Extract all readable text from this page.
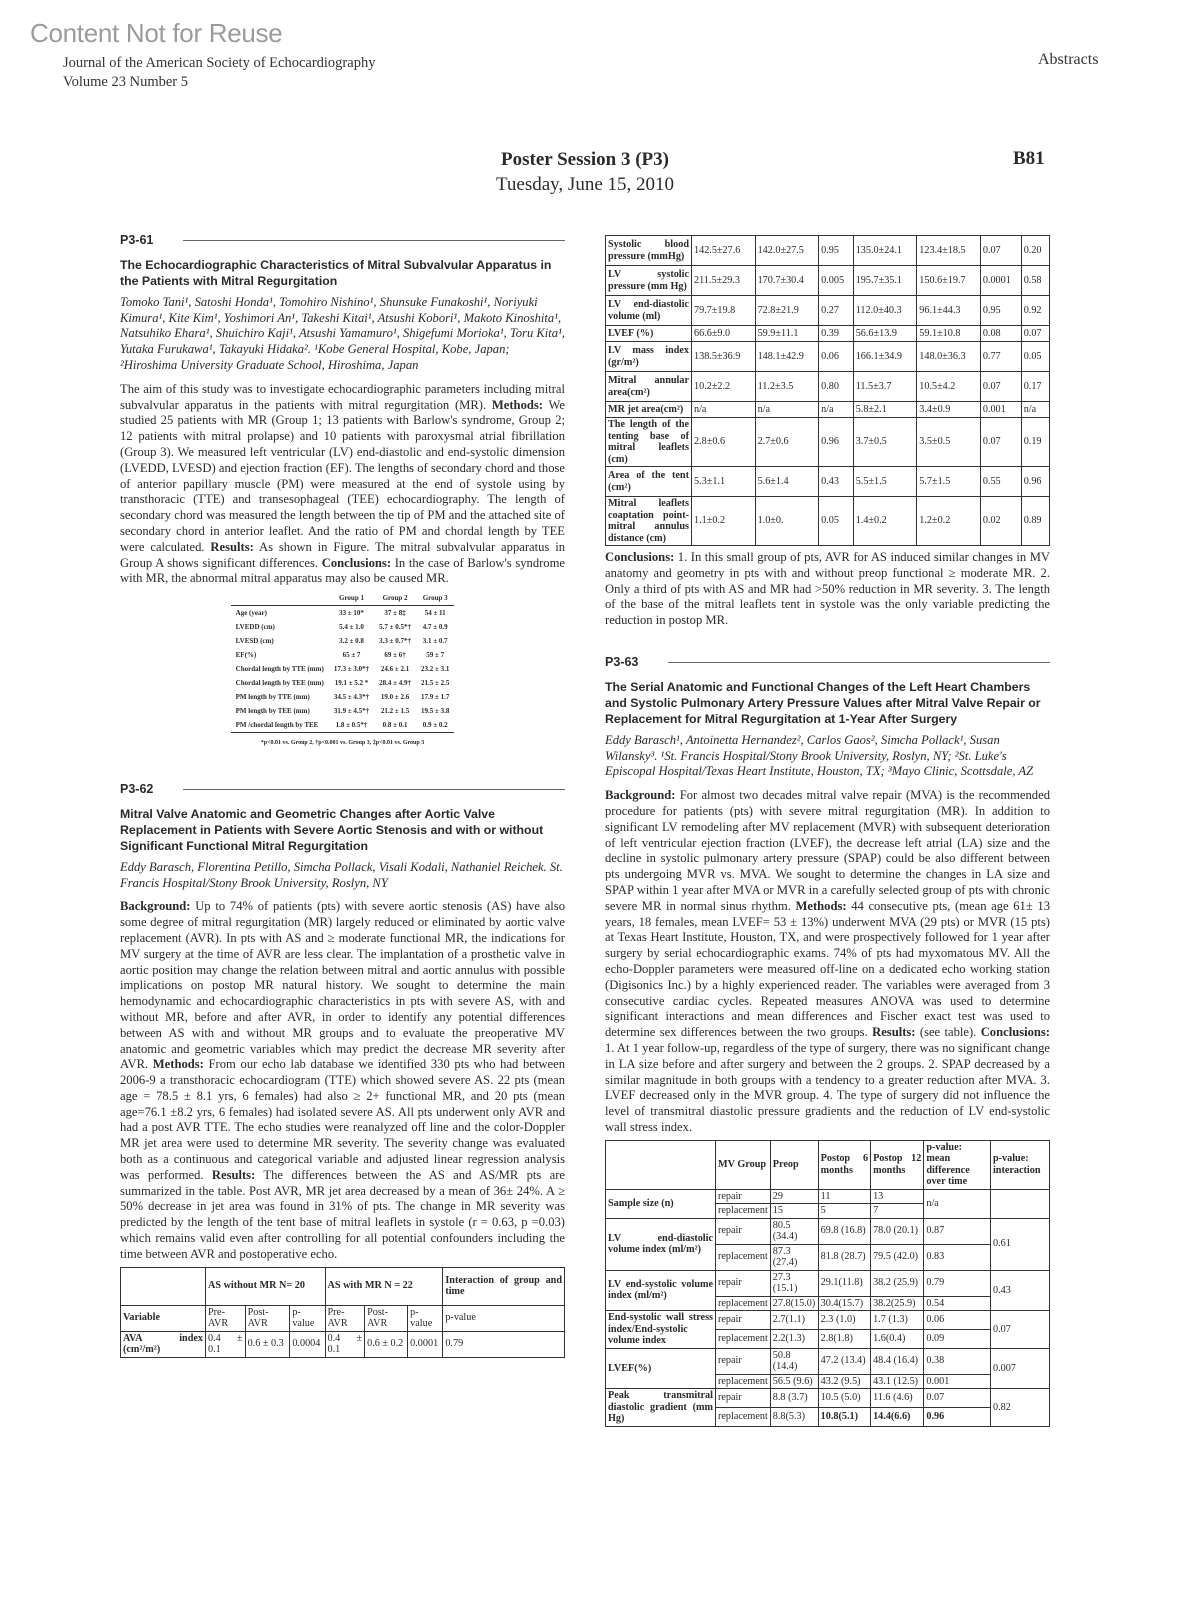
Content Not for Reuse
Journal of the American Society of Echocardiography
Volume 23 Number 5
Abstracts
Poster Session 3 (P3)
Tuesday, June 15, 2010
B81
P3-61
The Echocardiographic Characteristics of Mitral Subvalvular Apparatus in the Patients with Mitral Regurgitation
Tomoko Tani¹, Satoshi Honda¹, Tomohiro Nishino¹, Shunsuke Funakoshi¹, Noriyuki Kimura¹, Kite Kim¹, Yoshimori An¹, Takeshi Kitai¹, Atsushi Kobori¹, Makoto Kinoshita¹, Natsuhiko Ehara¹, Shuichiro Kaji¹, Atsushi Yamamuro¹, Shigefumi Morioka¹, Toru Kita¹, Yutaka Furukawa¹, Takayuki Hidaka². ¹Kobe General Hospital, Kobe, Japan; ²Hiroshima University Graduate School, Hiroshima, Japan
The aim of this study was to investigate echocardiographic parameters including mitral subvalvular apparatus in the patients with mitral regurgitation (MR). Methods: We studied 25 patients with MR (Group 1; 13 patients with Barlow's syndrome, Group 2; 12 patients with mitral prolapse) and 10 patients with paroxysmal atrial fibrillation (Group 3). We measured left ventricular (LV) end-diastolic and end-systolic dimension (LVEDD, LVESD) and ejection fraction (EF). The lengths of secondary chord and those of anterior papillary muscle (PM) were measured at the end of systole using by transthoracic (TTE) and transesophageal (TEE) echocardiography. The length of secondary chord was measured the length between the tip of PM and the attached site of secondary chord in anterior leaflet. And the ratio of PM and chordal length by TEE were calculated. Results: As shown in Figure. The mitral subvalvular apparatus in Group A shows significant differences. Conclusions: In the case of Barlow's syndrome with MR, the abnormal mitral apparatus may also be caused MR.
	Group 1	Group 2	Group 3
Age (year)	33 ± 10*	37 ± 8‡	54 ± 11
LVEDD (cm)	5.4 ± 1.0	5.7 ± 0.5*†	4.7 ± 0.9
LVESD (cm)	3.2 ± 0.8	3.3 ± 0.7*†	3.1 ± 0.7
EF(%)	65 ± 7	69 ± 6†	59 ± 7
Chordal length by TTE (mm)	17.3 ± 3.0*†	24.6 ± 2.1	23.2 ± 3.1
Chordal length by TEE (mm)	19.1 ± 5.2 *	28.4 ± 4.9†	21.5 ± 2.5
PM length by TTE (mm)	34.5 ± 4.3*†	19.0 ± 2.6	17.9 ± 1.7
PM length by TEE (mm)	31.9 ± 4.5*†	21.2 ± 1.5	19.5 ± 3.8
PM /chordal length by TEE	1.8 ± 0.5*†	0.8 ± 0.1	0.9 ± 0.2
*p<0.01 vs. Group 2, †p<0.001 vs. Group 3, ‡p<0.01 vs. Group 3
P3-62
Mitral Valve Anatomic and Geometric Changes after Aortic Valve Replacement in Patients with Severe Aortic Stenosis and with or without Significant Functional Mitral Regurgitation
Eddy Barasch, Florentina Petillo, Simcha Pollack, Visali Kodali, Nathaniel Reichek. St. Francis Hospital/Stony Brook University, Roslyn, NY
Background: Up to 74% of patients (pts) with severe aortic stenosis (AS) have also some degree of mitral regurgitation (MR) largely reduced or eliminated by aortic valve replacement (AVR). In pts with AS and ≥ moderate functional MR, the indications for MV surgery at the time of AVR are less clear. The implantation of a prosthetic valve in aortic position may change the relation between mitral and aortic annulus with possible implications on postop MR natural history. We sought to determine the main hemodynamic and echocardiographic characteristics in pts with severe AS, with and without MR, before and after AVR, in order to identify any potential differences between AS with and without MR groups and to evaluate the preoperative MV anatomic and geometric variables which may predict the decrease MR severity after AVR. Methods: From our echo lab database we identified 330 pts who had between 2006-9 a transthoracic echocardiogram (TTE) which showed severe AS. 22 pts (mean age = 78.5 ± 8.1 yrs, 6 females) had also ≥ 2+ functional MR, and 20 pts (mean age=76.1 ±8.2 yrs, 6 females) had isolated severe AS. All pts underwent only AVR and had a post AVR TTE. The echo studies were reanalyzed off line and the color-Doppler MR jet area were used to determine MR severity. The severity change was evaluated both as a continuous and categorical variable and adjusted linear regression analysis was performed. Results: The differences between the AS and AS/MR pts are summarized in the table. Post AVR, MR jet area decreased by a mean of 36± 24%. A ≥ 50% decrease in jet area was found in 31% of pts. The change in MR severity was predicted by the length of the tent base of mitral leaflets in systole (r = 0.63, p =0.03) which remains valid even after controlling for all potential confounders including the time between AVR and postoperative echo.
	AS without MR N= 20			AS with MR N = 22			Interaction of group and time
Variable	Pre-AVR	Post- AVR	p-value	Pre-AVR	Post-AVR	p-value	p-value
AVA index (cm²/m²)	0.4 ± 0.1	0.6 ± 0.3	0.0004	0.4 ± 0.1	0.6 ± 0.2	0.0001	0.79
Systolic blood pressure (mmHg)	142.5±27.6	142.0±27.5	0.95	135.0±24.1	123.4±18.5	0.07	0.20
LV systolic pressure (mm Hg)	211.5±29.3	170.7±30.4	0.005	195.7±35.1	150.6±19.7	0.0001	0.58
LV end-diastolic volume (ml)	79.7±19.8	72.8±21.9	0.27	112.0±40.3	96.1±44.3	0.95	0.92
LVEF (%)	66.6±9.0	59.9±11.1	0.39	56.6±13.9	59.1±10.8	0.08	0.07
LV mass index (gr/m²)	138.5±36.9	148.1±42.9	0.06	166.1±34.9	148.0±36.3	0.77	0.05
Mitral annular area(cm²)	10.2±2.2	11.2±3.5	0.80	11.5±3.7	10.5±4.2	0.07	0.17
MR jet area(cm²)	n/a	n/a	n/a	5.8±2.1	3.4±0.9	0.001	n/a
The length of the tenting base of mitral leaflets (cm)	2.8±0.6	2.7±0.6	0.96	3.7±0.5	3.5±0.5	0.07	0.19
Area of the tent (cm²)	5.3±1.1	5.6±1.4	0.43	5.5±1.5	5.7±1.5	0.55	0.96
Mitral leaflets coaptation point-mitral annulus distance (cm)	1.1±0.2	1.0±0.	0.05	1.4±0.2	1.2±0.2	0.02	0.89
Conclusions: 1. In this small group of pts, AVR for AS induced similar changes in MV anatomy and geometry in pts with and without preop functional ≥ moderate MR. 2. Only a third of pts with AS and MR had >50% reduction in MR severity. 3. The length of the base of the mitral leaflets tent in systole was the only variable predicting the reduction in postop MR.
P3-63
The Serial Anatomic and Functional Changes of the Left Heart Chambers and Systolic Pulmonary Artery Pressure Values after Mitral Valve Repair or Replacement for Mitral Regurgitation at 1-Year After Surgery
Eddy Barasch¹, Antoinetta Hernandez², Carlos Gaos², Simcha Pollack¹, Susan Wilansky³. ¹St. Francis Hospital/Stony Brook University, Roslyn, NY; ²St. Luke's Episcopal Hospital/Texas Heart Institute, Houston, TX; ³Mayo Clinic, Scottsdale, AZ
Background: For almost two decades mitral valve repair (MVA) is the recommended procedure for patients (pts) with severe mitral regurgitation (MR). In addition to significant LV remodeling after MV replacement (MVR) with subsequent deterioration of left ventricular ejection fraction (LVEF), the decrease left atrial (LA) size and the decline in systolic pulmonary artery pressure (SPAP) could be also different between pts undergoing MVR vs. MVA. We sought to determine the changes in LA size and SPAP within 1 year after MVA or MVR in a carefully selected group of pts with chronic severe MR in normal sinus rhythm. Methods: 44 consecutive pts, (mean age 61± 13 years, 18 females, mean LVEF= 53 ± 13%) underwent MVA (29 pts) or MVR (15 pts) at Texas Heart Institute, Houston, TX, and were prospectively followed for 1 year after surgery by serial echocardiographic exams. 74% of pts had myxomatous MV. All the echo-Doppler parameters were measured off-line on a dedicated echo working station (Digisonics Inc.) by a highly experienced reader. The variables were averaged from 3 consecutive cardiac cycles. Repeated measures ANOVA was used to determine significant interactions and mean differences and Fischer exact test was used to determine sex differences between the two groups. Results: (see table). Conclusions: 1. At 1 year follow-up, regardless of the type of surgery, there was no significant change in LA size before and after surgery and between the 2 groups. 2. SPAP decreased by a similar magnitude in both groups with a tendency to a greater reduction after MVA. 3. LVEF decreased only in the MVR group. 4. The type of surgery did not influence the level of transmitral diastolic pressure gradients and the reduction of LV end-systolic wall stress index.
	MV Group	Preop	Postop 6 months	Postop 12 months	p-value: mean difference over time	p-value: interaction
Sample size (n)	repair	29	11	13	n/a	
	replacement	15	5	7		
LV end-diastolic volume index (ml/m²)	repair	80.5 (34.4)	69.8 (16.8)	78.0 (20.1)	0.87	0.61
	replacement	87.3 (27.4)	81.8 (28.7)	79.5 (42.0)	0.83	
LV end-systolic volume index (ml/m²)	repair	27.3 (15.1)	29.1(11.8)	38.2 (25.9)	0.79	0.43
	replacement	27.8(15.0)	30.4(15.7)	38.2(25.9)	0.54	
End-systolic wall stress index/End-systolic volume index	repair	2.7(1.1)	2.3 (1.0)	1.7 (1.3)	0.06	0.07
	replacement	2.2(1.3)	2.8(1.8)	1.6(0.4)	0.09	
LVEF(%)	repair	50.8 (14.4)	47.2 (13.4)	48.4 (16.4)	0.38	0.007
	replacement	56.5 (9.6)	43.2 (9.5)	43.1 (12.5)	0.001	
Peak transmitral diastolic gradient (mm Hg)	repair	8.8 (3.7)	10.5 (5.0)	11.6 (4.6)	0.07	0.82
	replacement	8.8(5.3)	10.8(5.1)	14.4(6.6)	0.96	
